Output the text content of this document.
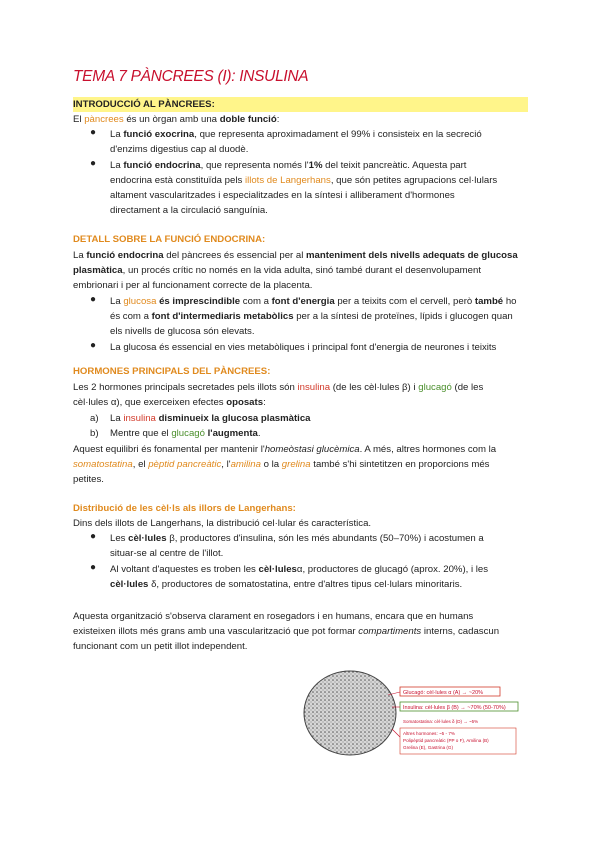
TEMA 7 PÀNCREES (I): INSULINA
INTRODUCCIÓ AL PÀNCREES:
El pàncrees és un òrgan amb una doble funció:
● La funció exocrina, que representa aproximadament el 99% i consisteix en la secreció
d'enzims digestius cap al duodè.
● La funció endocrina, que representa només l'1% del teixit pancreàtic. Aquesta part
endocrina està constituïda pels illots de Langerhans, que són petites agrupacions cel·lulars
altament vascularitzades i especialitzades en la síntesi i alliberament d'hormones
directament a la circulació sanguínia.
DETALL SOBRE LA FUNCIÓ ENDOCRINA:
La funció endocrina del pàncrees és essencial per al manteniment dels nivells adequats de glucosa
plasmàtica, un procés crític no només en la vida adulta, sinó també durant el desenvolupament
embrionari i per al funcionament correcte de la placenta.
● La glucosa és imprescindible com a font d'energia per a teixits com el cervell, però també ho
és com a font d'intermediaris metabòlics per a la síntesi de proteïnes, lípids i glucogen quan
els nivells de glucosa són elevats.
● La glucosa és essencial en vies metabòliques i principal font d'energia de neurones i teixits
HORMONES PRINCIPALS DEL PÀNCREES:
Les 2 hormones principals secretades pels illots són insulina (de les cèl·lules β) i glucagó (de les
cèl·lules α), que exerceixen efectes oposats:
a) La insulina disminueix la glucosa plasmàtica
b) Mentre que el glucagó l'augmenta.
Aquest equilibri és fonamental per mantenir l'homeòstasi glucèmica. A més, altres hormones com la
somatostatina, el pèptid pancreàtic, l'amilina o la grelina també s'hi sintetitzen en proporcions més
petites.
Distribució de les cèl·ls als illors de Langerhans:
Dins dels illots de Langerhans, la distribució cel·lular és característica.
● Les cèl·lules β, productores d'insulina, són les més abundants (50–70%) i acostumen a
situar-se al centre de l'illot.
● Al voltant d'aquestes es troben les cèl·lulesα, productores de glucagó (aprox. 20%), i les
cèl·lules δ, productores de somatostatina, entre d'altres tipus cel·lulars minoritaris.
Aquesta organització s'observa clarament en rosegadors i en humans, encara que en humans
existeixen illots més grans amb una vascularització que pot formar compartiments interns, cadascun
funcionant com un petit illot independent.
Glucagó: cèl·lules α (A) → ~20%
Insulina: cèl·lules β (B) → ~70% (50-70%)
Somatostatina: cèl·lules δ (D) → ~5%
Altres hormones: ~5 - 7%
Polipèptid pancreàtic (PP o F), Amilina (B)
Grelina (E), Gastrina (G)
